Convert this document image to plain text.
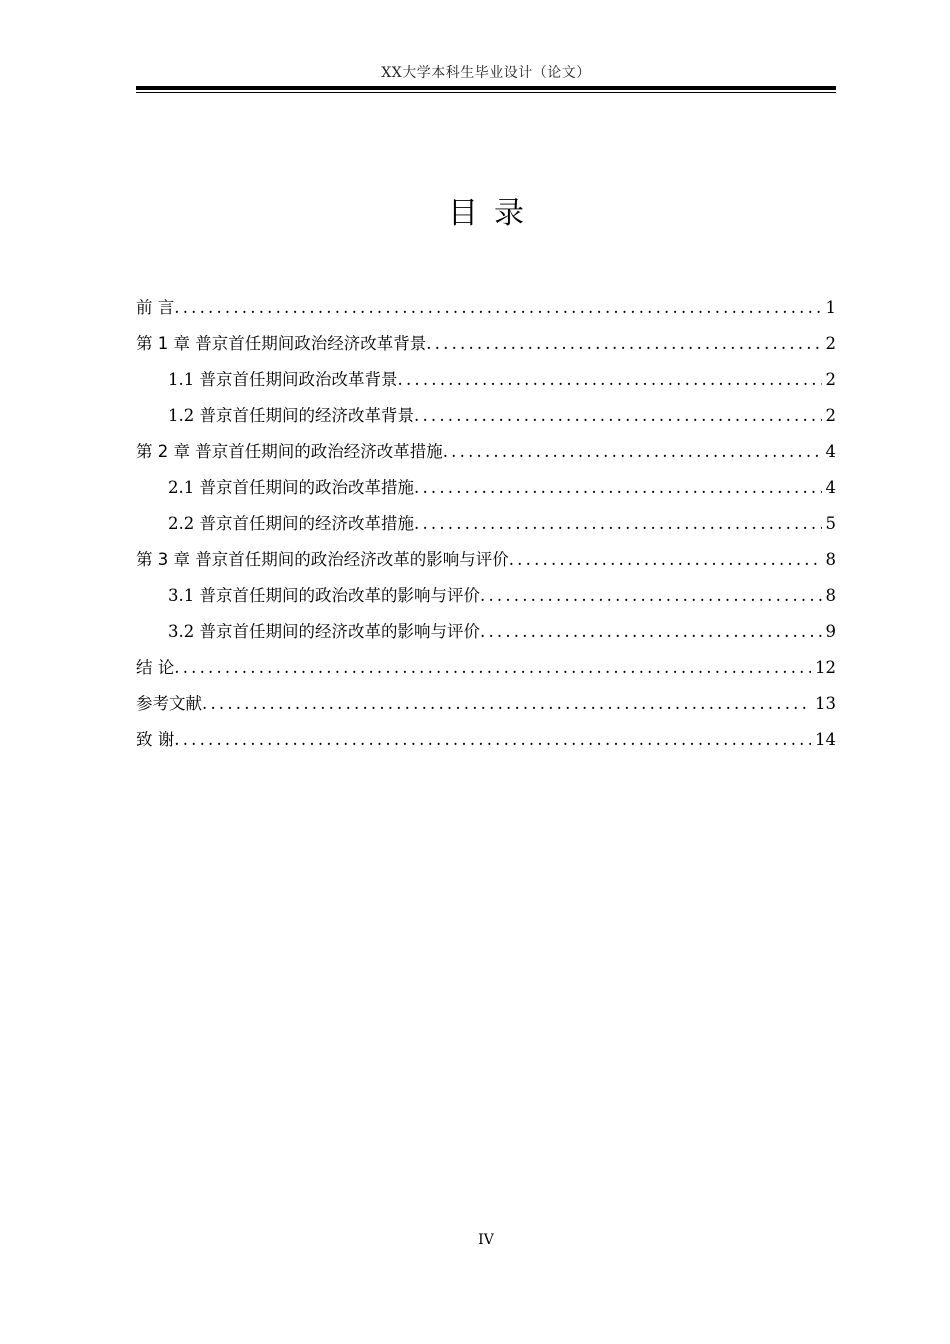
XX大学本科生毕业设计（论文）
目录
前 言 .....	1
第 1 章 普京首任期间政治经济改革背景 .....	2
1.1 普京首任期间政治改革背景 .....	2
1.2 普京首任期间的经济改革背景 .....	2
第 2 章 普京首任期间的政治经济改革措施 .....	4
2.1 普京首任期间的政治改革措施 .....	4
2.2 普京首任期间的经济改革措施 .....	5
第 3 章 普京首任期间的政治经济改革的影响与评价 .....	8
3.1 普京首任期间的政治改革的影响与评价 .....	8
3.2 普京首任期间的经济改革的影响与评价 .....	9
结 论 .....	12
参考文献 .....	13
致 谢 .....	14
IV
